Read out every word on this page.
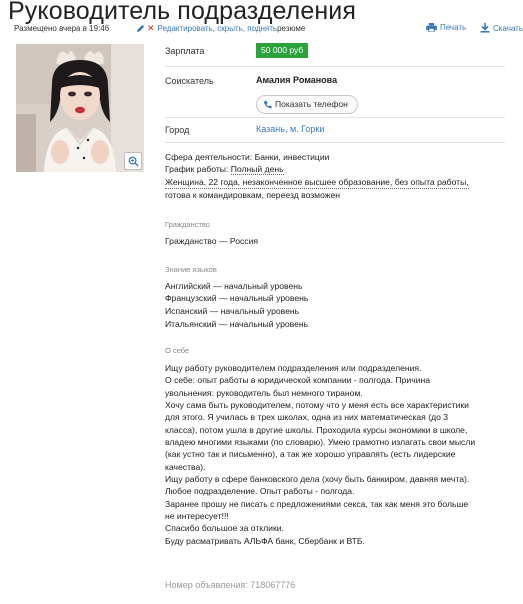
Руководитель подразделения
Размещено вчера в 19:46	✕ Редактировать, скрыть, поднять резюме	Печать	Скачать
Зарплата	50 000 руб
Соискатель	Амалия Романова
Показать телефон
Город	Казань, м. Горки
Сфера деятельности: Банки, инвестиции
График работы: Полный день
Женщина, 22 года, незаконченное высшее образование, без опыта работы,
готова к командировкам, переезд возможен
Гражданство
Гражданство — Россия
Знание языков
Английский — начальный уровень
Французский — начальный уровень
Испанский — начальный уровень
Итальянский — начальный уровень
О себе
Ищу работу руководителем подразделения или подразделения.
О себе: опыт работы в юридической компании - полгода. Причина
увольнения: руководитель был немного тираном.
Хочу сама быть руководителем, потому что у меня есть все характеристики
для этого. Я училась в трех школах, одна из них математическая (до 3
класса), потом ушла в другие школы. Проходила курсы экономики в школе,
владею многими языками (по словарю). Умею грамотно излагать свои мысли
(как устно так и письменно), а так же хорошо управлять (есть лидерские
качества).
Ищу работу в сфере банковского дела (хочу быть банкиром, давняя мечта).
Любое подразделение. Опыт работы - полгода.
Заранее прошу не писать с предложениями секса, так как меня это больше
не интересует!!!
Спасибо большое за отклики.
Буду расматривать АЛЬФА банк, Сбербанк и ВТБ.
Номер объявления: 718067776
